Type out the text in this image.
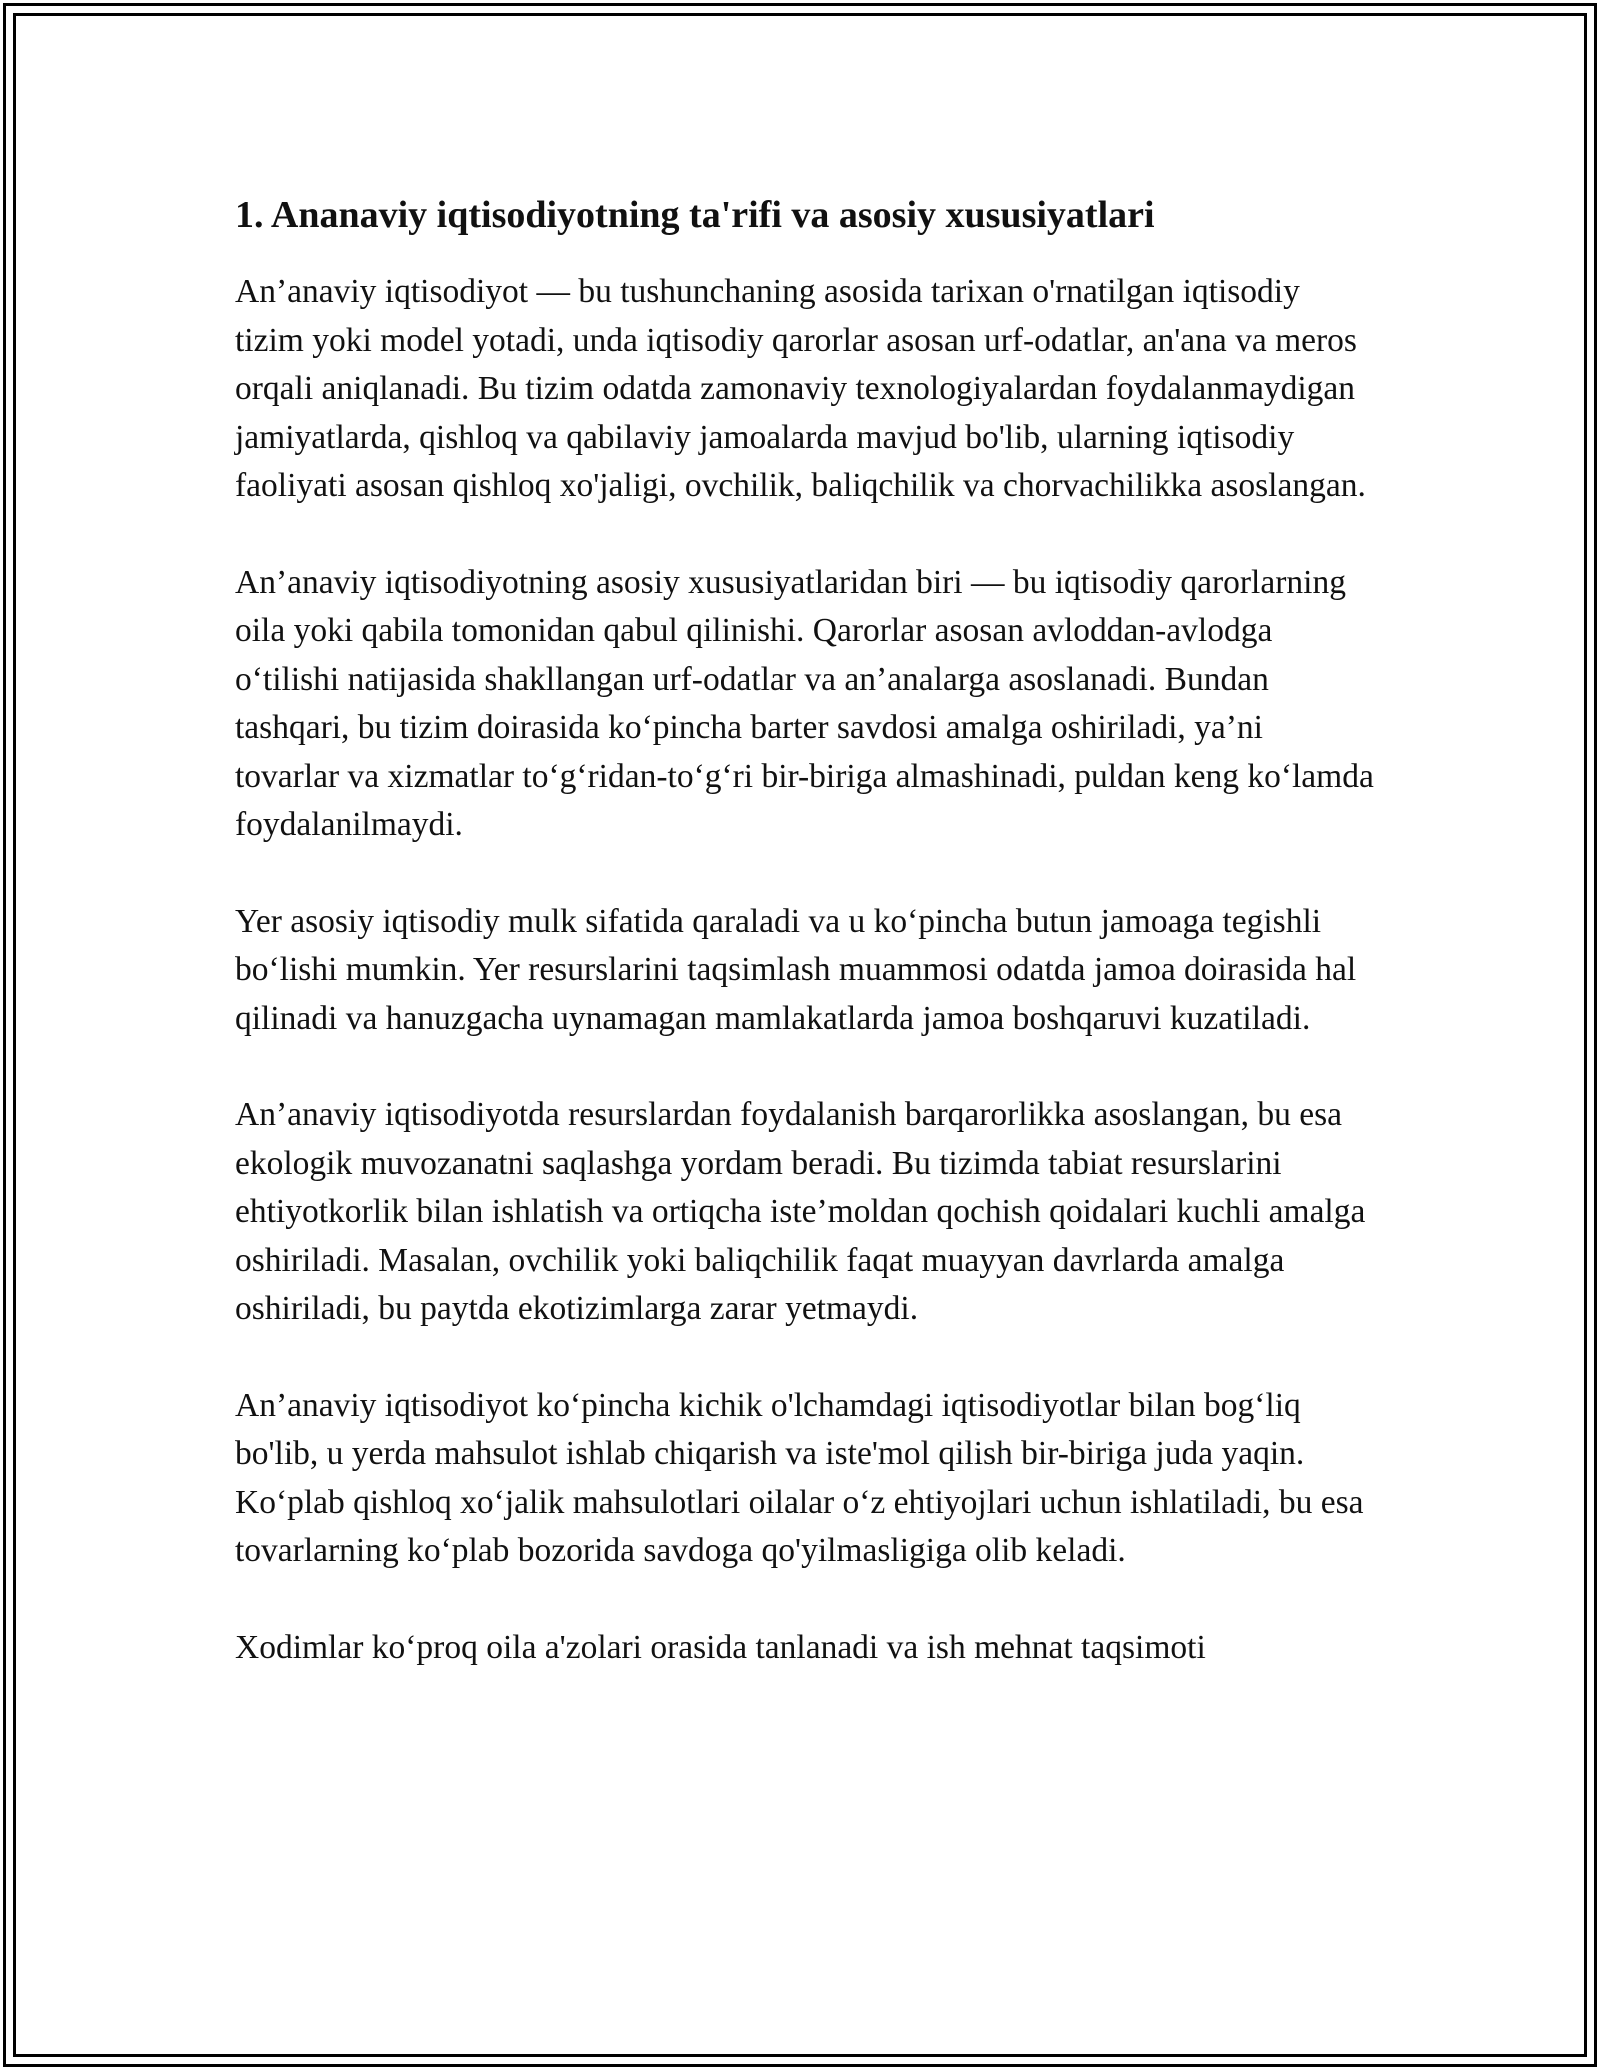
1. Ananaviy iqtisodiyotning ta'rifi va asosiy xususiyatlari

An’anaviy iqtisodiyot — bu tushunchaning asosida tarixan o'rnatilgan iqtisodiy tizim yoki model yotadi, unda iqtisodiy qarorlar asosan urf-odatlar, an'ana va meros orqali aniqlanadi. Bu tizim odatda zamonaviy texnologiyalardan foydalanmaydigan jamiyatlarda, qishloq va qabilaviy jamoalarda mavjud bo'lib, ularning iqtisodiy faoliyati asosan qishloq xo'jaligi, ovchilik, baliqchilik va chorvachilikka asoslangan.

An’anaviy iqtisodiyotning asosiy xususiyatlaridan biri — bu iqtisodiy qarorlarning oila yoki qabila tomonidan qabul qilinishi. Qarorlar asosan avloddan-avlodga o‘tilishi natijasida shakllangan urf-odatlar va an’analarga asoslanadi. Bundan tashqari, bu tizim doirasida ko‘pincha barter savdosi amalga oshiriladi, ya’ni tovarlar va xizmatlar to‘g‘ridan-to‘g‘ri bir-biriga almashinadi, puldan keng ko‘lamda foydalanilmaydi.

Yer asosiy iqtisodiy mulk sifatida qaraladi va u ko‘pincha butun jamoaga tegishli bo‘lishi mumkin. Yer resurslarini taqsimlash muammosi odatda jamoa doirasida hal qilinadi va hanuzgacha uynamagan mamlakatlarda jamoa boshqaruvi kuzatiladi.

An’anaviy iqtisodiyotda resurslardan foydalanish barqarorlikka asoslangan, bu esa ekologik muvozanatni saqlashga yordam beradi. Bu tizimda tabiat resurslarini ehtiyotkorlik bilan ishlatish va ortiqcha iste’moldan qochish qoidalari kuchli amalga oshiriladi. Masalan, ovchilik yoki baliqchilik faqat muayyan davrlarda amalga oshiriladi, bu paytda ekotizimlarga zarar yetmaydi.

An’anaviy iqtisodiyot ko‘pincha kichik o'lchamdagi iqtisodiyotlar bilan bog‘liq bo'lib, u yerda mahsulot ishlab chiqarish va iste'mol qilish bir-biriga juda yaqin. Ko‘plab qishloq xo‘jalik mahsulotlari oilalar o‘z ehtiyojlari uchun ishlatiladi, bu esa tovarlarning ko‘plab bozorida savdoga qo'yilmasligiga olib keladi.

Xodimlar ko‘proq oila a'zolari orasida tanlanadi va ish mehnat taqsimoti
